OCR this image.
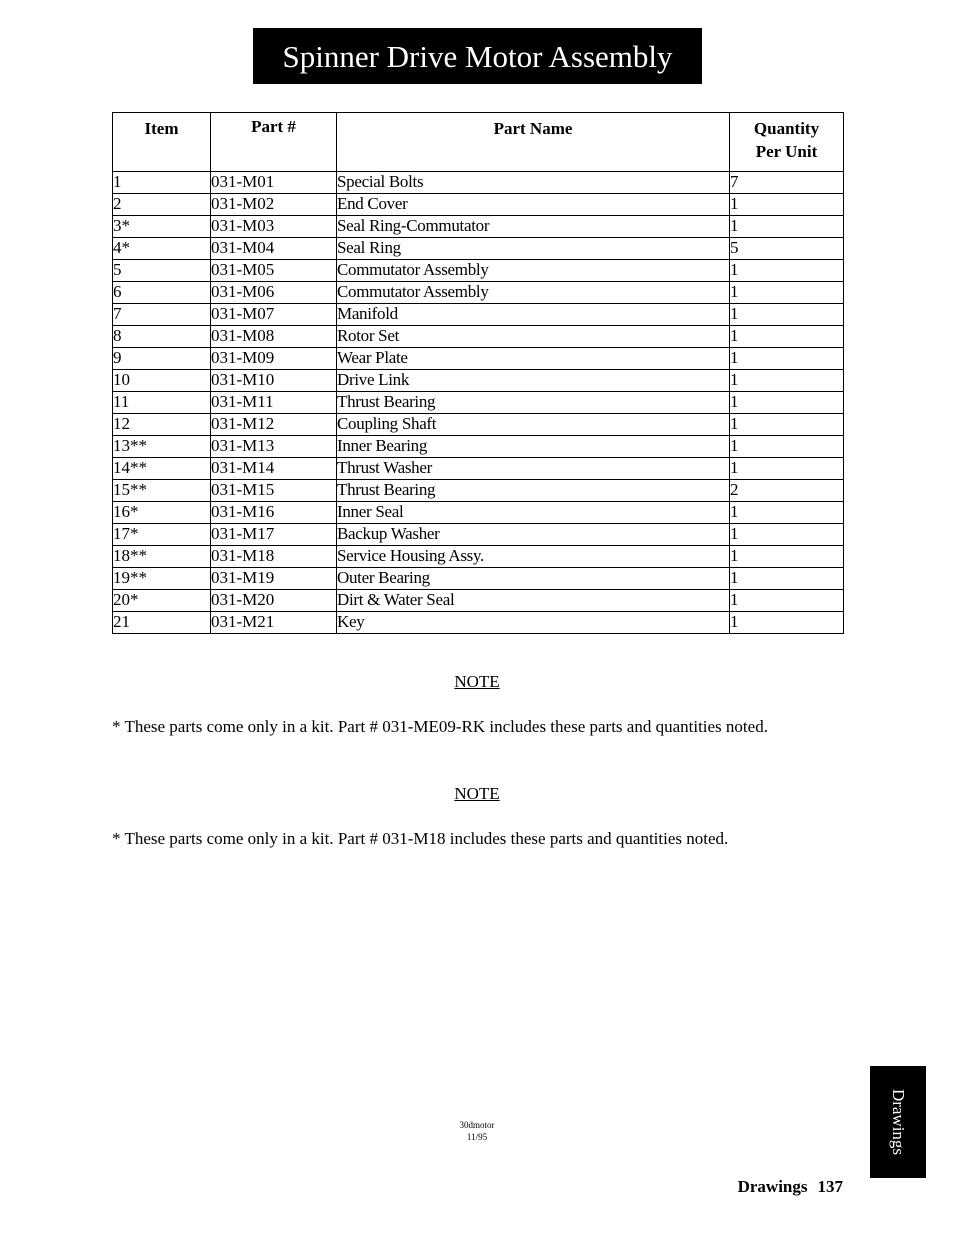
Spinner Drive Motor Assembly
Item	Part #	Part Name	Quantity
Per Unit
1	031-M01	Special Bolts	7
2	031-M02	End Cover	1
3*	031-M03	Seal Ring-Commutator	1
4*	031-M04	Seal Ring	5
5	031-M05	Commutator Assembly	1
6	031-M06	Commutator Assembly	1
7	031-M07	Manifold	1
8	031-M08	Rotor Set	1
9	031-M09	Wear Plate	1
10	031-M10	Drive Link	1
11	031-M11	Thrust Bearing	1
12	031-M12	Coupling Shaft	1
13**	031-M13	Inner Bearing	1
14**	031-M14	Thrust Washer	1
15**	031-M15	Thrust Bearing	2
16*	031-M16	Inner Seal	1
17*	031-M17	Backup Washer	1
18**	031-M18	Service Housing Assy.	1
19**	031-M19	Outer Bearing	1
20*	031-M20	Dirt & Water Seal	1
21	031-M21	Key	1
NOTE
* These parts come only in a kit. Part # 031-ME09-RK includes these parts and quantities noted.
NOTE
* These parts come only in a kit. Part # 031-M18 includes these parts and quantities noted.
30dmotor
11/95	Drawings
Drawings 137
